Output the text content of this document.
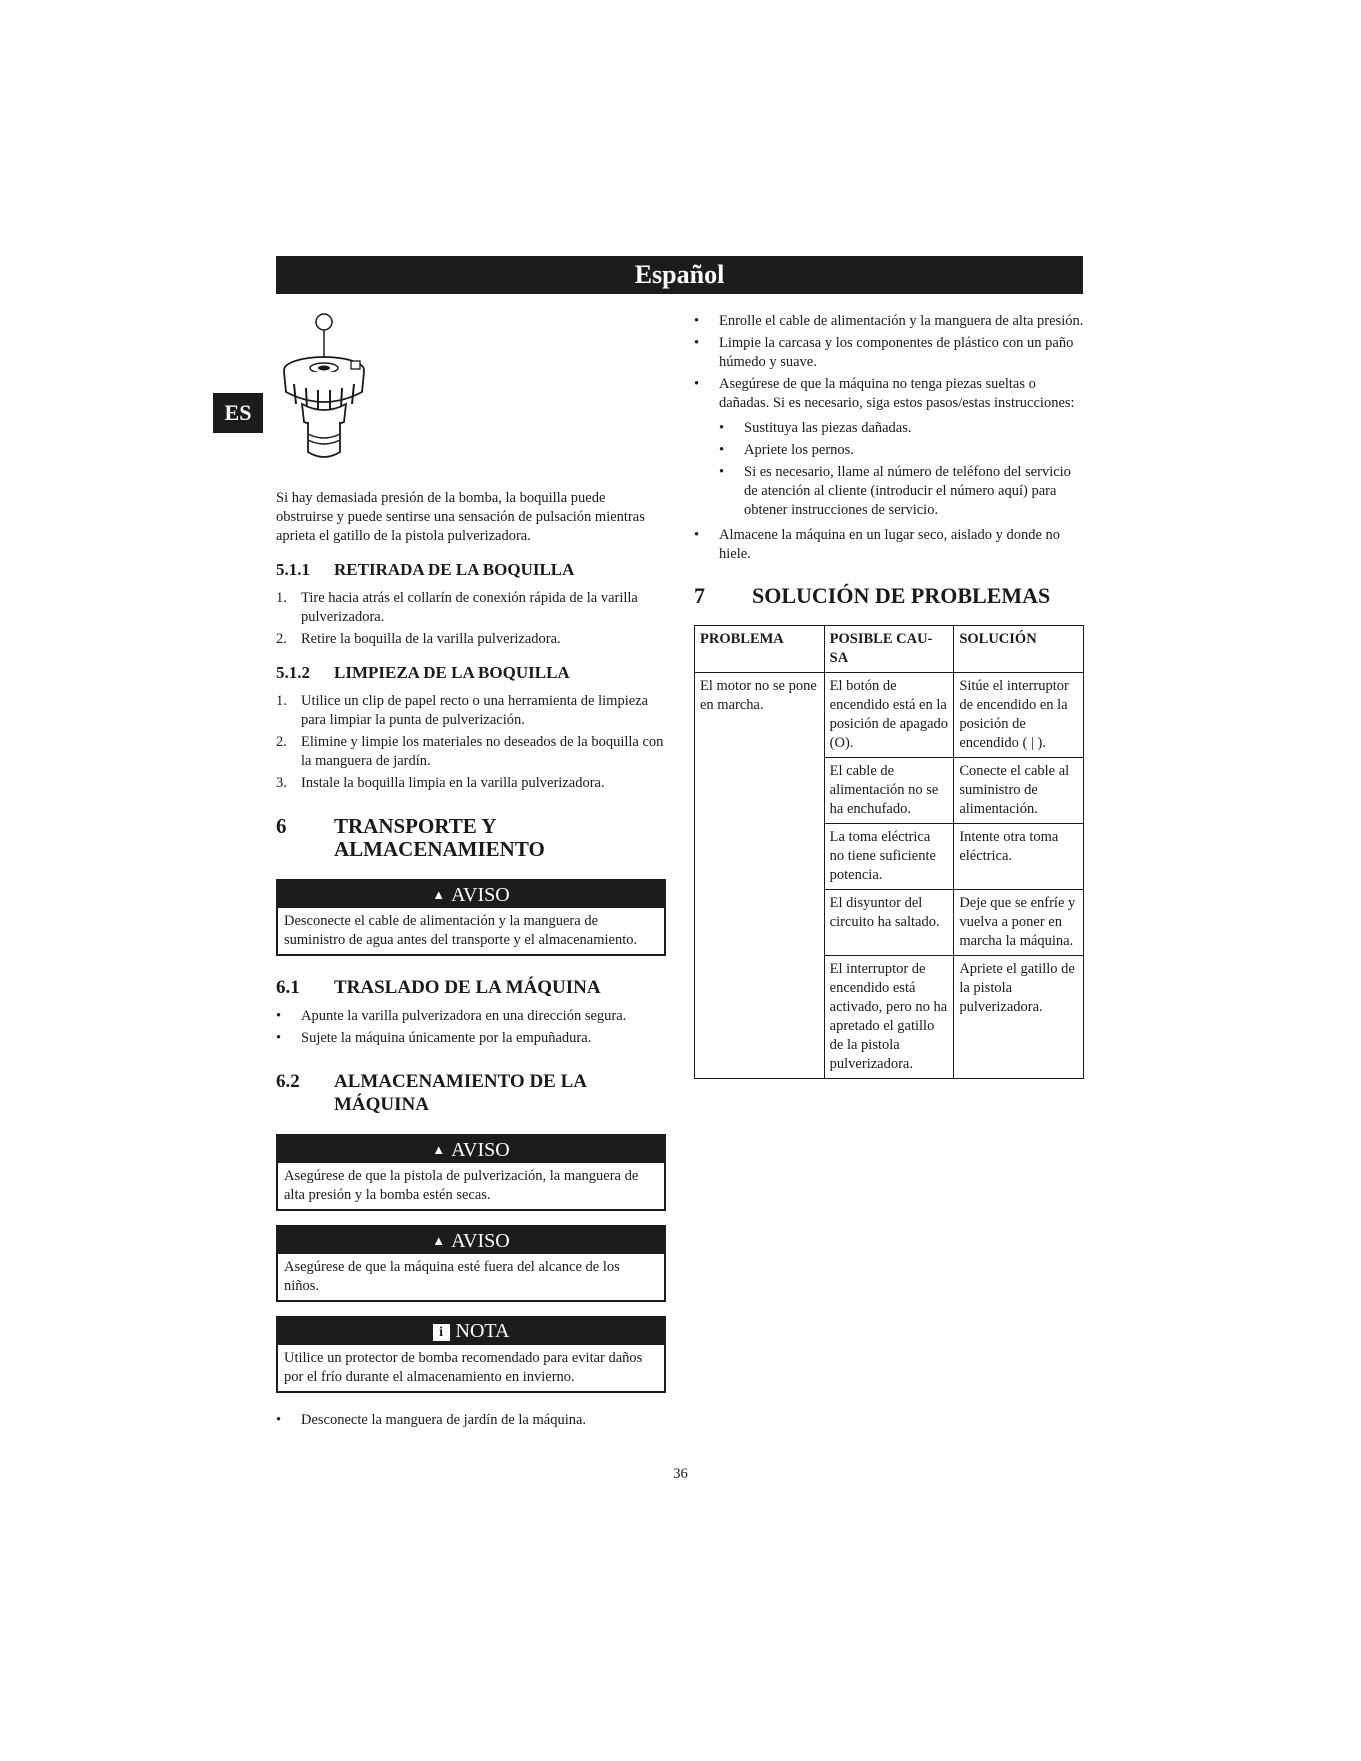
Español
ES

Si hay demasiada presión de la bomba, la boquilla puede obstruirse y puede sentirse una sensación de pulsación mientras aprieta el gatillo de la pistola pulverizadora.

5.1.1	RETIRADA DE LA BOQUILLA
1. Tire hacia atrás el collarín de conexión rápida de la varilla pulverizadora.
2. Retire la boquilla de la varilla pulverizadora.
5.1.2	LIMPIEZA DE LA BOQUILLA
1. Utilice un clip de papel recto o una herramienta de limpieza para limpiar la punta de pulverización.
2. Elimine y limpie los materiales no deseados de la boquilla con la manguera de jardín.
3. Instale la boquilla limpia en la varilla pulverizadora.
6	TRANSPORTE Y
ALMACENAMIENTO
▲ AVISO
Desconecte el cable de alimentación y la manguera de suministro de agua antes del transporte y el almacenamiento.
6.1	TRASLADO DE LA MÁQUINA
•	Apunte la varilla pulverizadora en una dirección segura.
•	Sujete la máquina únicamente por la empuñadura.
6.2	ALMACENAMIENTO DE LA
MÁQUINA
▲ AVISO
Asegúrese de que la pistola de pulverización, la manguera de alta presión y la bomba estén secas.
▲ AVISO
Asegúrese de que la máquina esté fuera del alcance de los niños.
i NOTA
Utilice un protector de bomba recomendado para evitar daños por el frío durante el almacenamiento en invierno.
•	Desconecte la manguera de jardín de la máquina.
•	Enrolle el cable de alimentación y la manguera de alta presión.
•	Limpie la carcasa y los componentes de plástico con un paño húmedo y suave.
•	Asegúrese de que la máquina no tenga piezas sueltas o dañadas. Si es necesario, siga estos pasos/estas instrucciones:
•	Sustituya las piezas dañadas.
•	Apriete los pernos.
•	Si es necesario, llame al número de teléfono del servicio de atención al cliente (introducir el número aquí) para obtener instrucciones de servicio.
•	Almacene la máquina en un lugar seco, aislado y donde no hiele.
7	SOLUCIÓN DE PROBLEMAS
PROBLEMA	POSIBLE CAU-SA	SOLUCIÓN
El motor no se pone en marcha.	El botón de encendido está en la posición de apagado (O).	Sitúe el interruptor de encendido en la posición de encendido ( | ).
	El cable de alimentación no se ha enchufado.	Conecte el cable al suministro de alimentación.
	La toma eléctrica no tiene suficiente potencia.	Intente otra toma eléctrica.
	El disyuntor del circuito ha saltado.	Deje que se enfríe y vuelva a poner en marcha la máquina.
	El interruptor de encendido está activado, pero no ha apretado el gatillo de la pistola pulverizadora.	Apriete el gatillo de la pistola pulverizadora.
36
